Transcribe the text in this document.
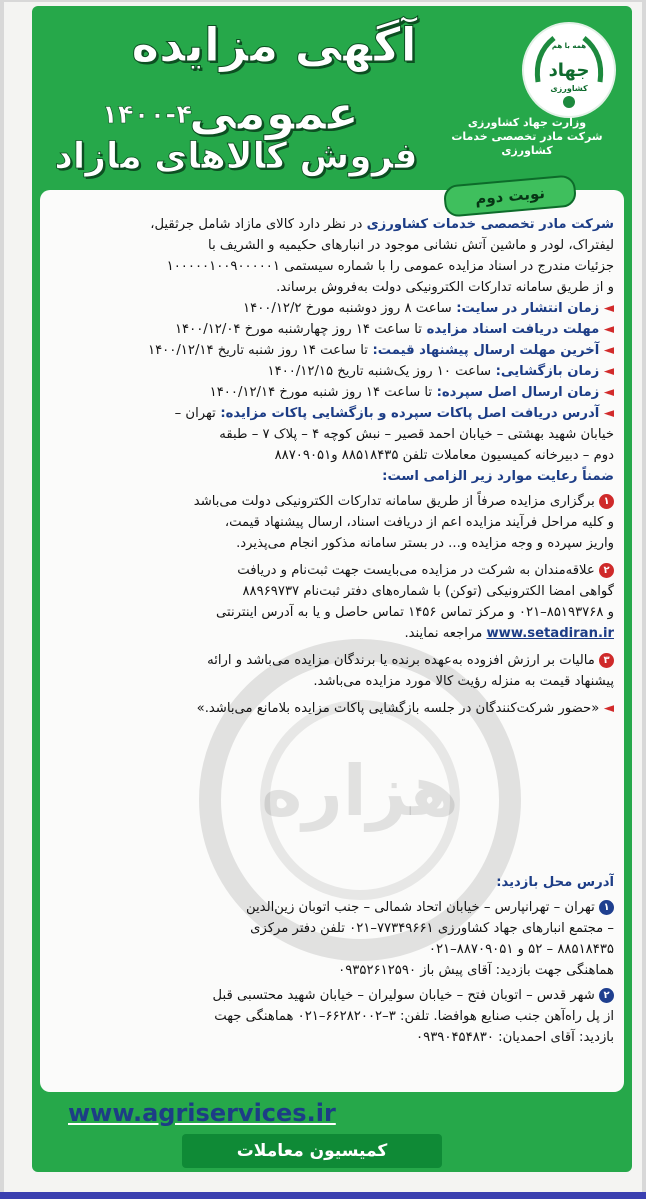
آگهی مزایده عمومی
همه با هم
جهاد
کشاورزی
وزارت جهاد کشاورزی
شرکت مادر تخصصی خدمات کشاورزی
۱۴۰۰-۴
فروش کالاهای مازاد
هزاره
شرکت مادر تخصصی خدمات کشاورزی در نظر دارد کالای مازاد شامل جرثقیل،
لیفتراک، لودر و ماشین آتش نشانی موجود در انبارهای حکیمیه و الشریف با
جزئیات مندرج در اسناد مزایده عمومی را با شماره سیستمی ۱۰۰۰۰۰۱۰۰۹۰۰۰۰۰۱
و از طریق سامانه تدارکات الکترونیکی دولت به‌فروش برساند.
◄ زمان انتشار در سایت: ساعت ۸ روز دوشنبه مورخ ۱۴۰۰/۱۲/۲
◄ مهلت دریافت اسناد مزایده تا ساعت ۱۴ روز چهارشنبه مورخ ۱۴۰۰/۱۲/۰۴
◄ آخرین مهلت ارسال پیشنهاد قیمت: تا ساعت ۱۴ روز شنبه تاریخ ۱۴۰۰/۱۲/۱۴
◄ زمان بازگشایی: ساعت ۱۰ روز یک‌شنبه تاریخ ۱۴۰۰/۱۲/۱۵
◄ زمان ارسال اصل سپرده: تا ساعت ۱۴ روز شنبه مورخ ۱۴۰۰/۱۲/۱۴
◄ آدرس دریافت اصل پاکات سپرده و بازگشایی پاکات مزایده: تهران –
خیابان شهید بهشتی – خیابان احمد قصیر – نبش کوچه ۴ – پلاک ۷ – طبقه
دوم – دبیرخانه کمیسیون معاملات تلفن ۸۸۵۱۸۴۳۵ و۸۸۷۰۹۰۵۱
ضمناً رعایت موارد زیر الزامی است:
۱ برگزاری مزایده صرفاً از طریق سامانه تدارکات الکترونیکی دولت می‌باشد
و کلیه مراحل فرآیند مزایده اعم از دریافت اسناد، ارسال پیشنهاد قیمت،
واریز سپرده و وجه مزایده و... در بستر سامانه مذکور انجام می‌پذیرد.
۲ علاقه‌مندان به شرکت در مزایده می‌بایست جهت ثبت‌نام و دریافت
گواهی امضا الکترونیکی (توکن) با شماره‌های دفتر ثبت‌نام ۸۸۹۶۹۷۳۷
و ۸۵۱۹۳۷۶۸–۰۲۱ و مرکز تماس ۱۴۵۶ تماس حاصل و یا به آدرس اینترنتی
www.setadiran.ir مراجعه نمایند.
۳ مالیات بر ارزش افزوده به‌عهده برنده یا برندگان مزایده می‌باشد و ارائه
پیشنهاد قیمت به منزله رؤیت کالا مورد مزایده می‌باشد.
◄ «حضور شرکت‌کنندگان در جلسه بازگشایی پاکات مزایده بلامانع می‌باشد.»
آدرس محل بازدید:
۱ تهران – تهرانپارس – خیابان اتحاد شمالی – جنب اتوبان زین‌الدین
– مجتمع انبارهای جهاد کشاورزی ۷۷۳۴۹۶۶۱–۰۲۱ تلفن دفتر مرکزی
۸۸۵۱۸۴۳۵ – ۵۲ و ۸۸۷۰۹۰۵۱–۰۲۱
هماهنگی جهت بازدید: آقای پیش باز ۰۹۳۵۲۶۱۲۵۹۰
۲ شهر قدس – اتوبان فتح – خیابان سولیران – خیابان شهید محتسبی قبل
از پل راه‌آهن جنب صنایع هوافضا. تلفن: ۳–۶۶۲۸۲۰۰۲–۰۲۱ هماهنگی جهت
بازدید: آقای احمدیان: ۰۹۳۹۰۴۵۴۸۳۰
نوبت دوم
www.agriservices.ir
کمیسیون معاملات
